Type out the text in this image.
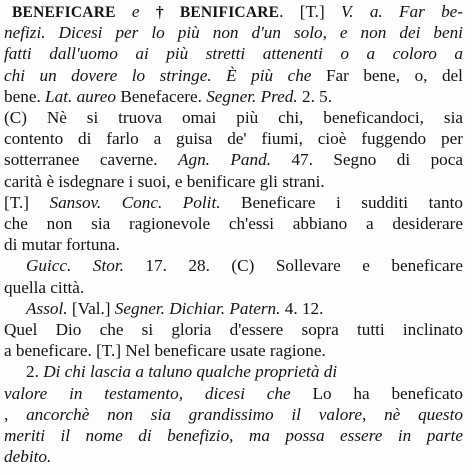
BENEFICARE e † BENIFICARE. [T.] V. a. Far be-
nefizi. Dicesi per lo più non d'un solo, e non dei beni
fatti dall'uomo ai più stretti attenenti o a coloro a
chi un dovere lo stringe. È più che Far bene, o, del
bene. Lat. aureo Benefacere. Segner. Pred. 2. 5.
(C) Nè si truova omai più chi, beneficandoci, sia
contento di farlo a guisa de' fiumi, cioè fuggendo per
sotterranee caverne. Agn. Pand. 47. Segno di poca
carità è isdegnare i suoi, e benificare gli strani.
[T.] Sansov. Conc. Polit. Beneficare i sudditi tanto
che non sia ragionevole ch'essi abbiano a desiderare
di mutar fortuna.
Guicc. Stor. 17. 28. (C) Sollevare e beneficare
quella città.
Assol. [Val.] Segner. Dichiar. Patern. 4. 12.
Quel Dio che si gloria d'essere sopra tutti inclinato
a beneficare. [T.] Nel beneficare usate ragione.
2. Di chi lascia a taluno qualche proprietà di
valore in testamento, dicesi che Lo ha beneficato
, ancorchè non sia grandissimo il valore, nè questo
meriti il nome di benefizio, ma possa essere in parte
debito.
